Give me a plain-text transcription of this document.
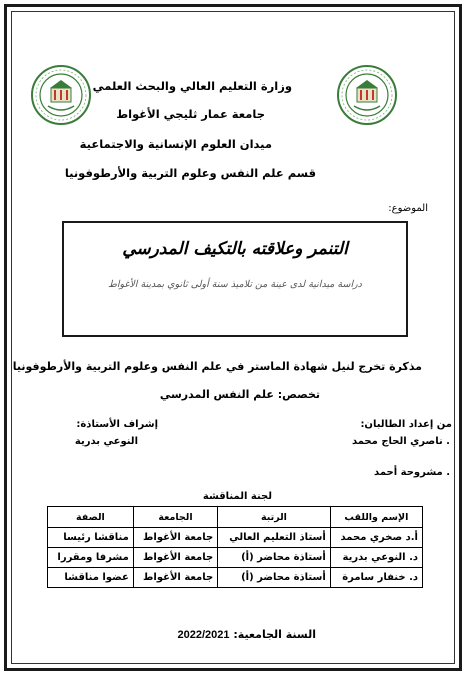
وزارة التعليم العالي والبحث العلمي
جامعة عمار ثليجي الأغواط
ميدان العلوم الإنسانية والاجتماعية
قسم علم النفس وعلوم التربية والأرطوفونيا
الموضوع:
التنمر وعلاقته بالتكيف المدرسي
دراسة ميدانية لدى عينة من تلاميذ سنة أولى ثانوي بمدينة الأغواط
مذكرة تخرج لنيل شهادة الماستر في علم النفس وعلوم التربية والأرطوفونيا
تخصص: علم النفس المدرسي
من إعداد الطالبان:
إشراف الأستاذة:
. ناصري الحاج محمد
النوعي بدرية
. مشروحة أحمد
لجنة المناقشة
الإسم واللقب	الرتبة	الجامعة	الصفة
أ.د صخري محمد	أستاذ التعليم العالي	جامعة الأغواط	مناقشا رئيسا
د. النوعي بدرية	أستاذة محاضر (أ)	جامعة الأغواط	مشرفا ومقررا
د. خنفار سامرة	أستاذة محاضر (أ)	جامعة الأغواط	عضوا مناقشا
السنة الجامعية: 2022/2021
